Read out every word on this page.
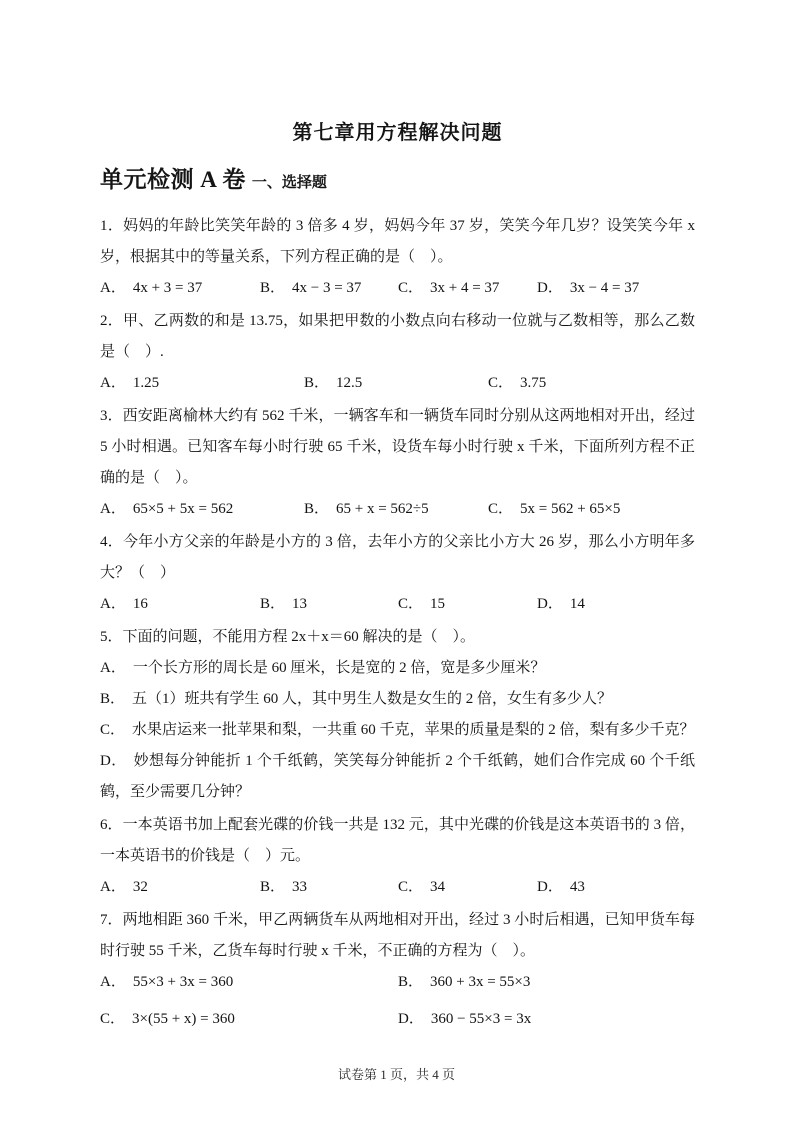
第七章用方程解决问题
单元检测 A 卷 一、选择题

1．妈妈的年龄比笑笑年龄的 3 倍多 4 岁，妈妈今年 37 岁，笑笑今年几岁？设笑笑今年 x 岁，根据其中的等量关系，下列方程正确的是（　）。

A． 4x + 3 = 37	B． 4x − 3 = 37 C． 3x + 4 = 37	D． 3x − 4 = 37

2．甲、乙两数的和是 13.75，如果把甲数的小数点向右移动一位就与乙数相等，那么乙数是（　）.

A． 1.25	B． 12.5	C． 3.75

3．西安距离榆林大约有 562 千米，一辆客车和一辆货车同时分别从这两地相对开出，经过 5 小时相遇。已知客车每小时行驶 65 千米，设货车每小时行驶 x 千米，下面所列方程不正确的是（　）。

A． 65×5 + 5x = 562	B． 65 + x = 562÷5	C． 5x = 562 + 65×5

4．今年小方父亲的年龄是小方的 3 倍，去年小方的父亲比小方大 26 岁，那么小方明年多大？（　）

A． 16	B． 13	C． 15	D． 14

5．下面的问题，不能用方程 2x＋x＝60 解决的是（　）。

A． 一个长方形的周长是 60 厘米，长是宽的 2 倍，宽是多少厘米？

B． 五（1）班共有学生 60 人，其中男生人数是女生的 2 倍，女生有多少人？

C． 水果店运来一批苹果和梨，一共重 60 千克，苹果的质量是梨的 2 倍，梨有多少千克？

D． 妙想每分钟能折 1 个千纸鹤，笑笑每分钟能折 2 个千纸鹤，她们合作完成 60 个千纸鹤，至少需要几分钟？

6．一本英语书加上配套光碟的价钱一共是 132 元，其中光碟的价钱是这本英语书的 3 倍，一本英语书的价钱是（　）元。

A． 32	B． 33	C． 34	D． 43

7．两地相距 360 千米，甲乙两辆货车从两地相对开出，经过 3 小时后相遇，已知甲货车每时行驶 55 千米，乙货车每时行驶 x 千米，不正确的方程为（　）。

A． 55×3 + 3x = 360	B． 360 + 3x = 55×3
C． 3×(55 + x) = 360	D． 360 − 55×3 = 3x
试卷第 1 页，共 4 页
